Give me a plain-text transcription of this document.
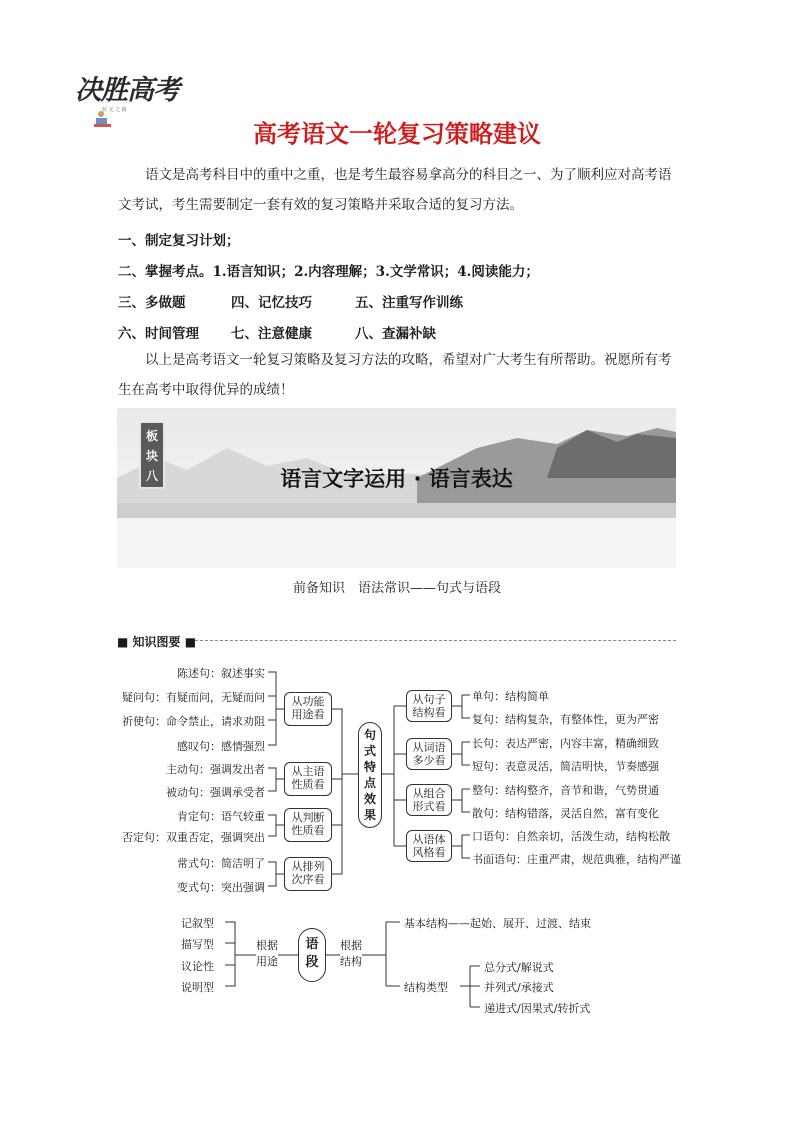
决胜高考
状 元 之 路
高考语文一轮复习策略建议
语文是高考科目中的重中之重，也是考生最容易拿高分的科目之一、为了顺利应对高考语文考试，考生需要制定一套有效的复习策略并采取合适的复习方法。
一、制定复习计划；
二、掌握考点。1.语言知识；2.内容理解；3.文学常识；4.阅读能力；
三、多做题	四、记忆技巧	五、注重写作训练
六、时间管理 七、注意健康	八、查漏补缺
以上是高考语文一轮复习策略及复习方法的攻略，希望对广大考生有所帮助。祝愿所有考生在高考中取得优异的成绩！
板
块
八	语言文字运用 · 语言表达
前备知识　语法常识——句式与语段
■ 知识图要 ■
陈述句：叙述事实
疑问句：有疑而问，无疑而问
祈使句：命令禁止，请求劝阻
感叹句：感情强烈
主动句：强调发出者
被动句：强调承受者
肯定句：语气较重
否定句：双重否定，强调突出
常式句：简洁明了
变式句：突出强调
从功能
用途看
从主语
性质看
从判断
性质看
从排列
次序看
句
式
特
点
效
果
从句子
结构看
从词语
多少看
从组合
形式看
从语体
风格看
单句：结构简单
复句：结构复杂，有整体性，更为严密
长句：表达严密，内容丰富，精确细致
短句：表意灵活，简洁明快，节奏感强
整句：结构整齐，音节和谐，气势贯通
散句：结构错落，灵活自然，富有变化
口语句：自然亲切，活泼生动，结构松散
书面语句：庄重严肃，规范典雅，结构严谨
记叙型
描写型
议论性
说明型
根据
用途
语
段
根据
结构
基本结构——起始、展开、过渡、结束
结构类型
总分式/解说式
并列式/承接式
递进式/因果式/转折式
